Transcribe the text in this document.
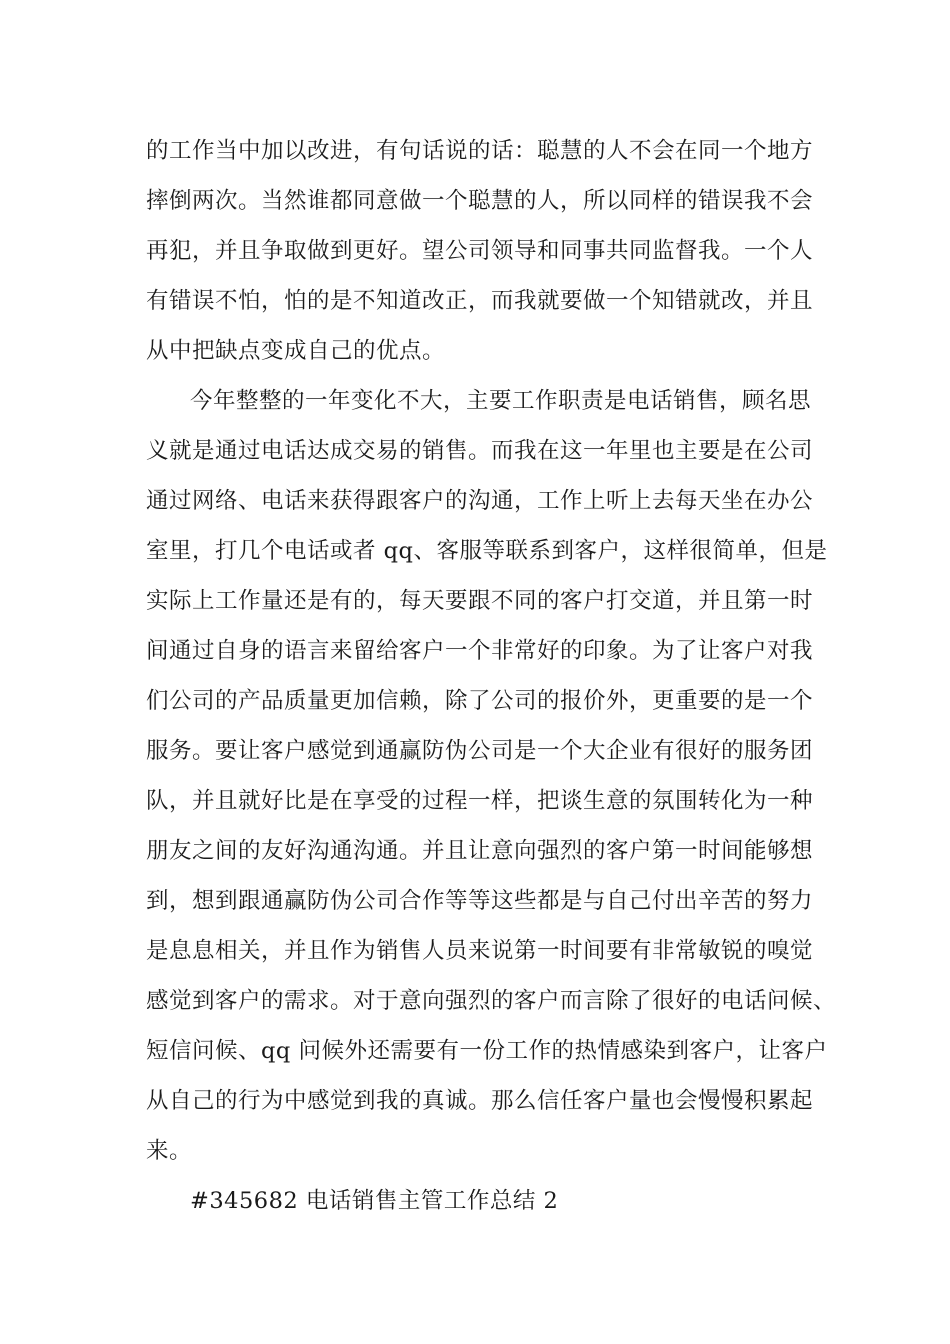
的工作当中加以改进，有句话说的话：聪慧的人不会在同一个地方
摔倒两次。当然谁都同意做一个聪慧的人，所以同样的错误我不会
再犯，并且争取做到更好。望公司领导和同事共同监督我。一个人
有错误不怕，怕的是不知道改正，而我就要做一个知错就改，并且
从中把缺点变成自己的优点。
今年整整的一年变化不大，主要工作职责是电话销售，顾名思
义就是通过电话达成交易的销售。而我在这一年里也主要是在公司
通过网络、电话来获得跟客户的沟通，工作上听上去每天坐在办公
室里，打几个电话或者 qq、客服等联系到客户，这样很简单，但是
实际上工作量还是有的，每天要跟不同的客户打交道，并且第一时
间通过自身的语言来留给客户一个非常好的印象。为了让客户对我
们公司的产品质量更加信赖，除了公司的报价外，更重要的是一个
服务。要让客户感觉到通赢防伪公司是一个大企业有很好的服务团
队，并且就好比是在享受的过程一样，把谈生意的氛围转化为一种
朋友之间的友好沟通沟通。并且让意向强烈的客户第一时间能够想
到，想到跟通赢防伪公司合作等等这些都是与自己付出辛苦的努力
是息息相关，并且作为销售人员来说第一时间要有非常敏锐的嗅觉
感觉到客户的需求。对于意向强烈的客户而言除了很好的电话问候、
短信问候、qq 问候外还需要有一份工作的热情感染到客户，让客户
从自己的行为中感觉到我的真诚。那么信任客户量也会慢慢积累起
来。
#345682 电话销售主管工作总结 2
